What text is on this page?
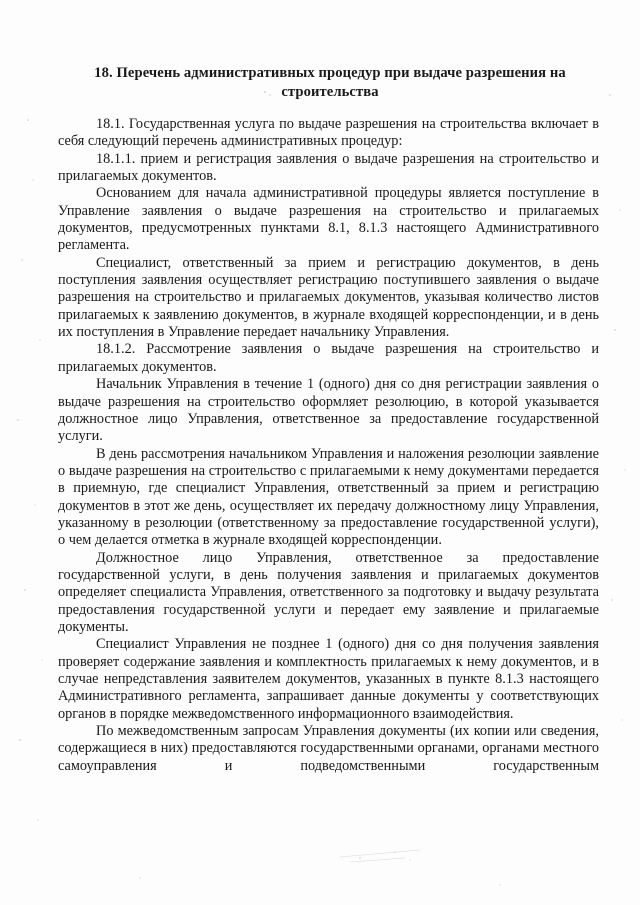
18. Перечень административных процедур при выдаче разрешения на
строительства

18.1. Государственная услуга по выдаче разрешения на строительства включает в себя следующий перечень административных процедур:

18.1.1. прием и регистрация заявления о выдаче разрешения на строительство и прилагаемых документов.

Основанием для начала административной процедуры является поступление в Управление заявления о выдаче разрешения на строительство и прилагаемых документов, предусмотренных пунктами 8.1, 8.1.3 настоящего Административного регламента.

Специалист, ответственный за прием и регистрацию документов, в день поступления заявления осуществляет регистрацию поступившего заявления о выдаче разрешения на строительство и прилагаемых документов, указывая количество листов прилагаемых к заявлению документов, в журнале входящей корреспонденции, и в день их поступления в Управление передает начальнику Управления.

18.1.2. Рассмотрение заявления о выдаче разрешения на строительство и прилагаемых документов.

Начальник Управления в течение 1 (одного) дня со дня регистрации заявления о выдаче разрешения на строительство оформляет резолюцию, в которой указывается должностное лицо Управления, ответственное за предоставление государственной услуги.

В день рассмотрения начальником Управления и наложения резолюции заявление о выдаче разрешения на строительство с прилагаемыми к нему документами передается в приемную, где специалист Управления, ответственный за прием и регистрацию документов в этот же день, осуществляет их передачу должностному лицу Управления, указанному в резолюции (ответственному за предоставление государственной услуги), о чем делается отметка в журнале входящей корреспонденции.

Должностное лицо Управления, ответственное за предоставление государственной услуги, в день получения заявления и прилагаемых документов определяет специалиста Управления, ответственного за подготовку и выдачу результата предоставления государственной услуги и передает ему заявление и прилагаемые документы.

Специалист Управления не позднее 1 (одного) дня со дня получения заявления проверяет содержание заявления и комплектность прилагаемых к нему документов, и в случае непредставления заявителем документов, указанных в пункте 8.1.3 настоящего Административного регламента, запрашивает данные документы у соответствующих органов в порядке межведомственного информационного взаимодействия.

По межведомственным запросам Управления документы (их копии или сведения, содержащиеся в них) предоставляются государственными органами, органами местного самоуправления и подведомственными государственным
